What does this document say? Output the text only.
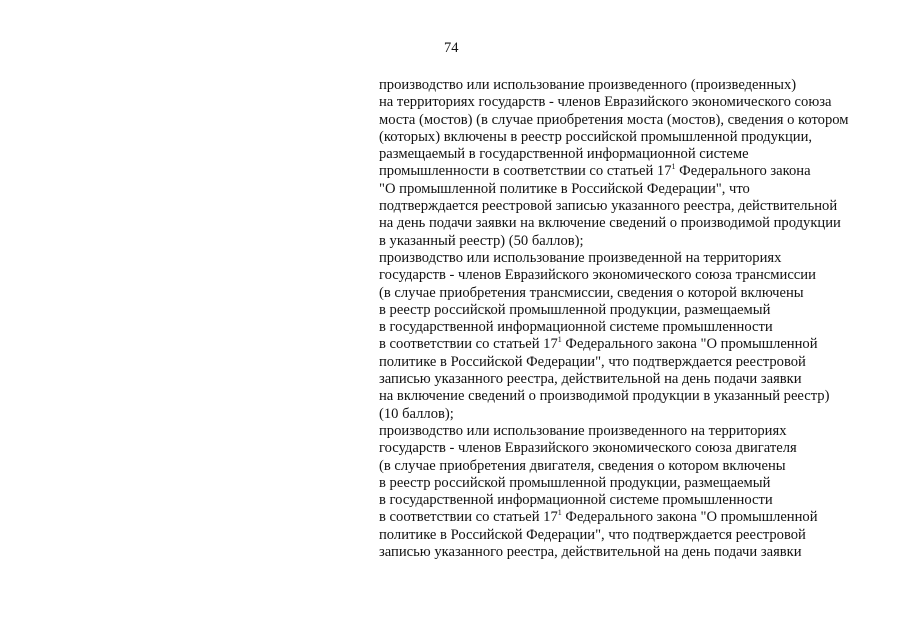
74
производство или использование произведенного (произведенных)
на территориях государств - членов Евразийского экономического союза
моста (мостов) (в случае приобретения моста (мостов), сведения о котором
(которых) включены в реестр российской промышленной продукции,
размещаемый в государственной информационной системе
промышленности в соответствии со статьей $17^1$ Федерального закона
"О промышленной политике в Российской Федерации", что
подтверждается реестровой записью указанного реестра, действительной
на день подачи заявки на включение сведений о производимой продукции
в указанный реестр) (50 баллов);
производство или использование произведенной на территориях
государств - членов Евразийского экономического союза трансмиссии
(в случае приобретения трансмиссии, сведения о которой включены
в реестр российской промышленной продукции, размещаемый
в государственной информационной системе промышленности
в соответствии со статьей $17^1$ Федерального закона "О промышленной
политике в Российской Федерации", что подтверждается реестровой
записью указанного реестра, действительной на день подачи заявки
на включение сведений о производимой продукции в указанный реестр)
(10 баллов);
производство или использование произведенного на территориях
государств - членов Евразийского экономического союза двигателя
(в случае приобретения двигателя, сведения о котором включены
в реестр российской промышленной продукции, размещаемый
в государственной информационной системе промышленности
в соответствии со статьей $17^1$ Федерального закона "О промышленной
политике в Российской Федерации", что подтверждается реестровой
записью указанного реестра, действительной на день подачи заявки
